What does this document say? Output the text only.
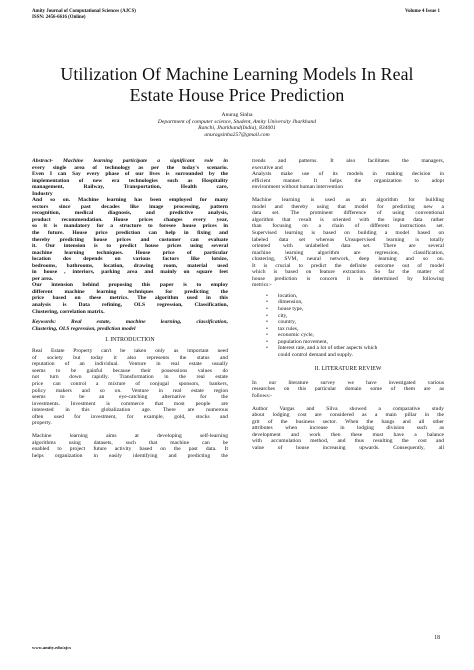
Amity Journal of Computational Sciences (AJCS)
ISSN: 2456-6616 (Online)
Volume 4 Issue 1
Utilization Of Machine Learning Models In Real
Estate House Price Prediction
Anurag Sinha
Department of computer science, Student, Amity University Jharkhand
Ranchi, Jharkhand(India), 834001
anuragsinha257@gmail.com
Abstract- Machine learning participate a significant role in
every single area of technology as per the today's scenario.
Even I can Say every phase of our lives is surrounded by the
implementation of new era technologies such as Hospitality
management, Railway, Transportation, Health care,
Industry
And so on. Machine learning has been employed for many
sectors since past decades like image processing, pattern
recognition, medical diagnosis, and predictive analysis,
product recommendation. House prices changes every year,
so it is mandatory for a structure to foresee house prices in
the future. House price prediction can help in fixing and
thereby predicting house prices and customer can evaluate
it. Our intension is to predict house prices using several
machine learning techniques. House price of particular
location dos depends on various factors like lotsize,
bedrooms, bathrooms, location, drawing room, material used
in house , interiors, parking area and mainly on square feet
per area.
Our intension behind proposing this paper is to employ
different machine learning techniques for predicting the
price based on these metrics. The algorithm used in this
analysis is Data refining, OLS regression, Classification,
Clustering, correlation matrix.
Keywords: Real estate, machine learning, classification,
Clustering, OLS regression, prediction model
I. INTRODUCTION
Real Estate Property can't be taken only as important need
of society but today it also represents the status and
reputation of an individual. Venture in real estate usually
seems to be gainful because their possessions values do
not turn down rapidly. Transformation in the real estate
price can control a mixture of conjugal sponsors, bankers,
policy makers and so on. Venture in real estate region
seems to be an eye-catching alternative for the
investments. Investment is commerce that most people are
interested in this globalization age. There are numerous
often used for investment, for example, gold, stocks and
property.
Machine learning aims at developing self-learning
algorithms using datasets, such that machine can be
enabled to project future activity based on the past data. It
helps organization in easily identifying and predicting the
trends and patterns. It also facilitates the managers,
executive and
Analysts make use of its models in making decision in
efficient manner. It helps the organization to adopt
environment without human intervention
Machine learning is used as an algorithm for building
model and thereby using that model for predicting new a
data set. The prominent difference of using conventional
algorithm that result is oriented with the input data rather
than focusing on a chain of different instructions set.
Supervised learning is based on building a model based on
labeled data set whereas Unsupervised learning is totally
oriented with unlabelled data set. There are several
machine learning algorithm are regression, classification,
clustering, SVM, neural network, deep learning and so on.
It is crucial to predict the definite outcome out of model
which is based on feature extraction. So far the matter of
house prediction is concern it is determined by following
metrics:-
• location,
• dimension,
• house type,
• city,
• country,
• tax rules,
• economic cycle,
• population movement,
• Interest rate, and a lot of other aspects which
could control demand and supply.
II. LITERATURE REVIEW
In our literature survey we have investigated various
researches on this particular domain some of them are as
follows:-
Author Vargas and Silva showed a comparative study
about lodging cost are considered as a main pillar in the
grit of the business sector. When the bangs and all other
attributes when increase in lodging division such as
development and work then these must have a balance
with accumulation method, and thus resulting the cost and
value of house increasing upwards. Consequently, all
18
www.amity.edu/ajcs
